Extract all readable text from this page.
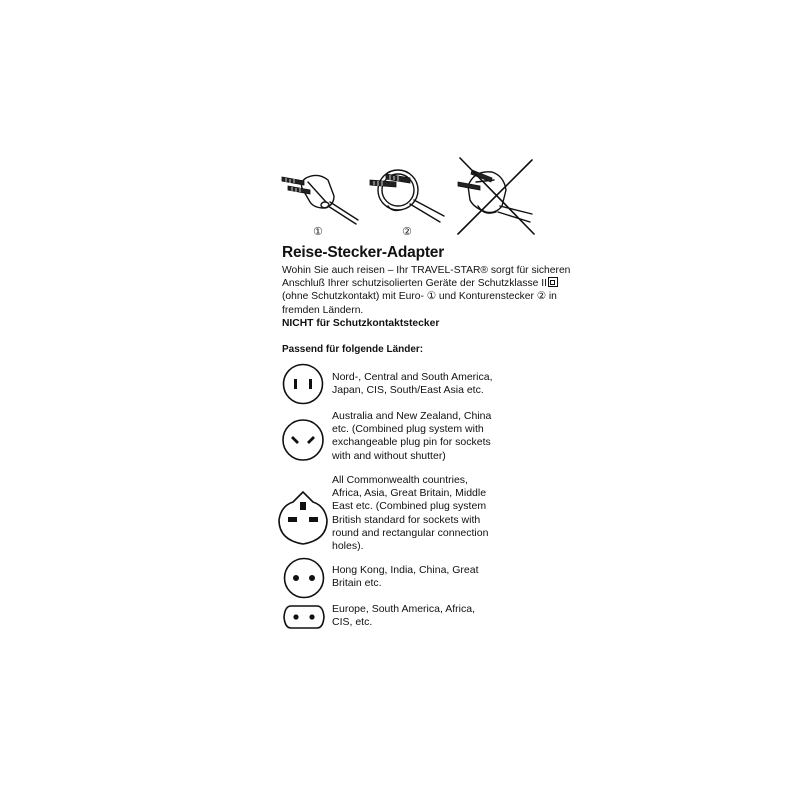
①	②
Reise-Stecker-Adapter
Wohin Sie auch reisen – Ihr TRAVEL-STAR® sorgt für sicheren
Anschluß Ihrer schutzisolierten Geräte der Schutzklasse II
(ohne Schutzkontakt) mit Euro- ① und Konturenstecker ② in
fremden Ländern.
NICHT für Schutzkontaktstecker
Passend für folgende Länder:
Nord-, Central and South America,
Japan, CIS, South/East Asia etc.
Australia and New Zealand, China
etc. (Combined plug system with
exchangeable plug pin for sockets
with and without shutter)
All Commonwealth countries,
Africa, Asia, Great Britain, Middle
East etc. (Combined plug system
British standard for sockets with
round and rectangular connection
holes).
Hong Kong, India, China, Great
Britain etc.
Europe, South America, Africa,
CIS, etc.
